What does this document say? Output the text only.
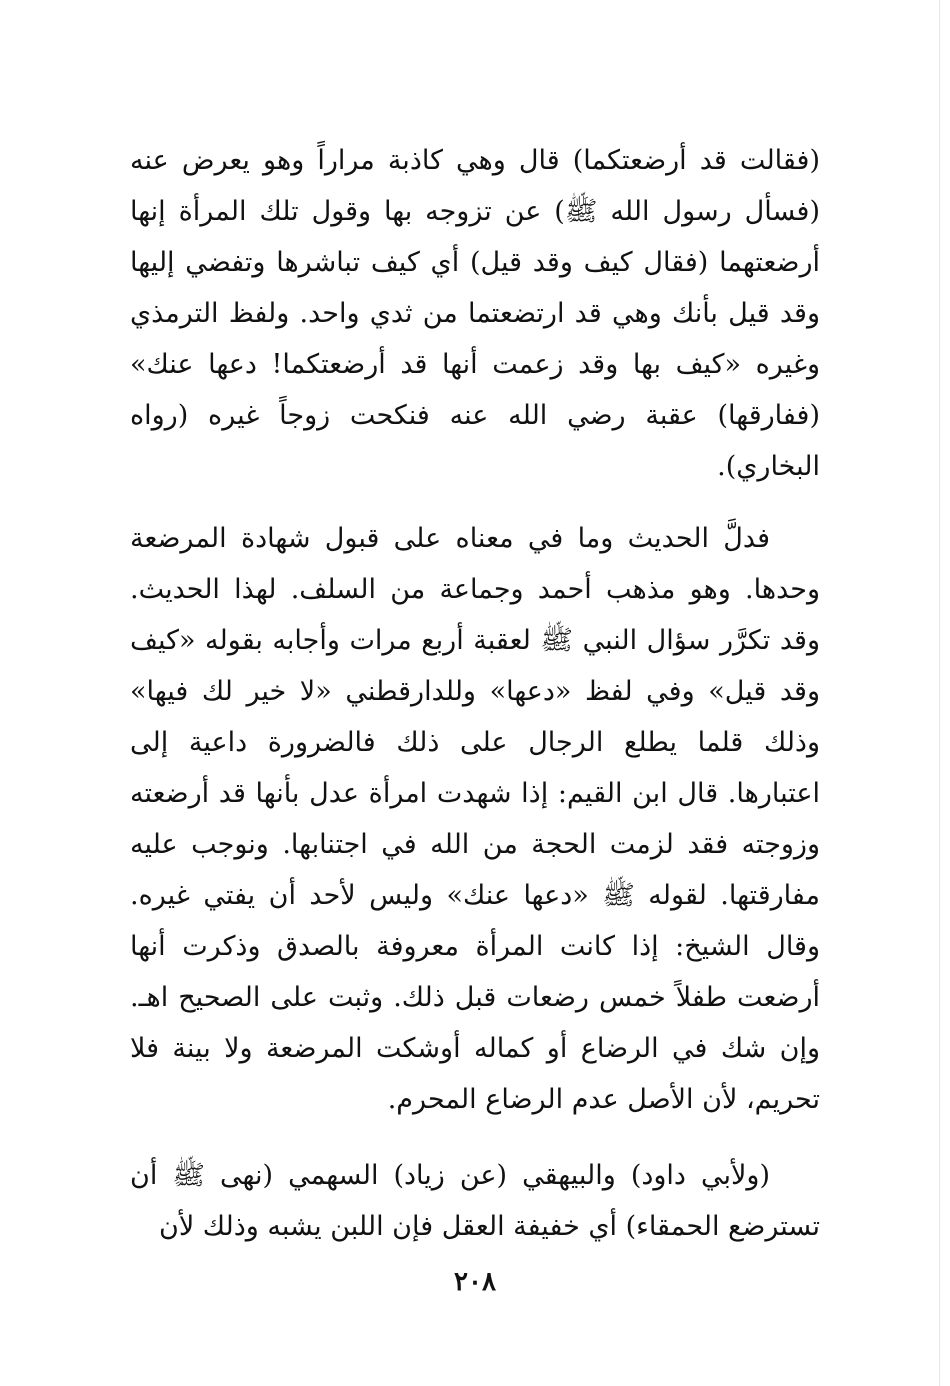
(فقالت قد أرضعتكما) قال وهي كاذبة مراراً وهو يعرض عنه (فسأل رسول الله ﷺ) عن تزوجه بها وقول تلك المرأة إنها أرضعتهما (فقال كيف وقد قيل) أي كيف تباشرها وتفضي إليها وقد قيل بأنك وهي قد ارتضعتما من ثدي واحد. ولفظ الترمذي وغيره «كيف بها وقد زعمت أنها قد أرضعتكما! دعها عنك» (ففارقها) عقبة رضي الله عنه فنكحت زوجاً غيره (رواه البخاري).

فدلَّ الحديث وما في معناه على قبول شهادة المرضعة وحدها. وهو مذهب أحمد وجماعة من السلف. لهذا الحديث. وقد تكرَّر سؤال النبي ﷺ لعقبة أربع مرات وأجابه بقوله «كيف وقد قيل» وفي لفظ «دعها» وللدارقطني «لا خير لك فيها» وذلك قلما يطلع الرجال على ذلك فالضرورة داعية إلى اعتبارها. قال ابن القيم: إذا شهدت امرأة عدل بأنها قد أرضعته وزوجته فقد لزمت الحجة من الله في اجتنابها. ونوجب عليه مفارقتها. لقوله ﷺ «دعها عنك» وليس لأحد أن يفتي غيره. وقال الشيخ: إذا كانت المرأة معروفة بالصدق وذكرت أنها أرضعت طفلاً خمس رضعات قبل ذلك. وثبت على الصحيح اهـ. وإن شك في الرضاع أو كماله أوشكت المرضعة ولا بينة فلا تحريم، لأن الأصل عدم الرضاع المحرم.

(ولأبي داود) والبيهقي (عن زياد) السهمي (نهى ﷺ أن تسترضع الحمقاء) أي خفيفة العقل فإن اللبن يشبه وذلك لأن

٢٠٨
